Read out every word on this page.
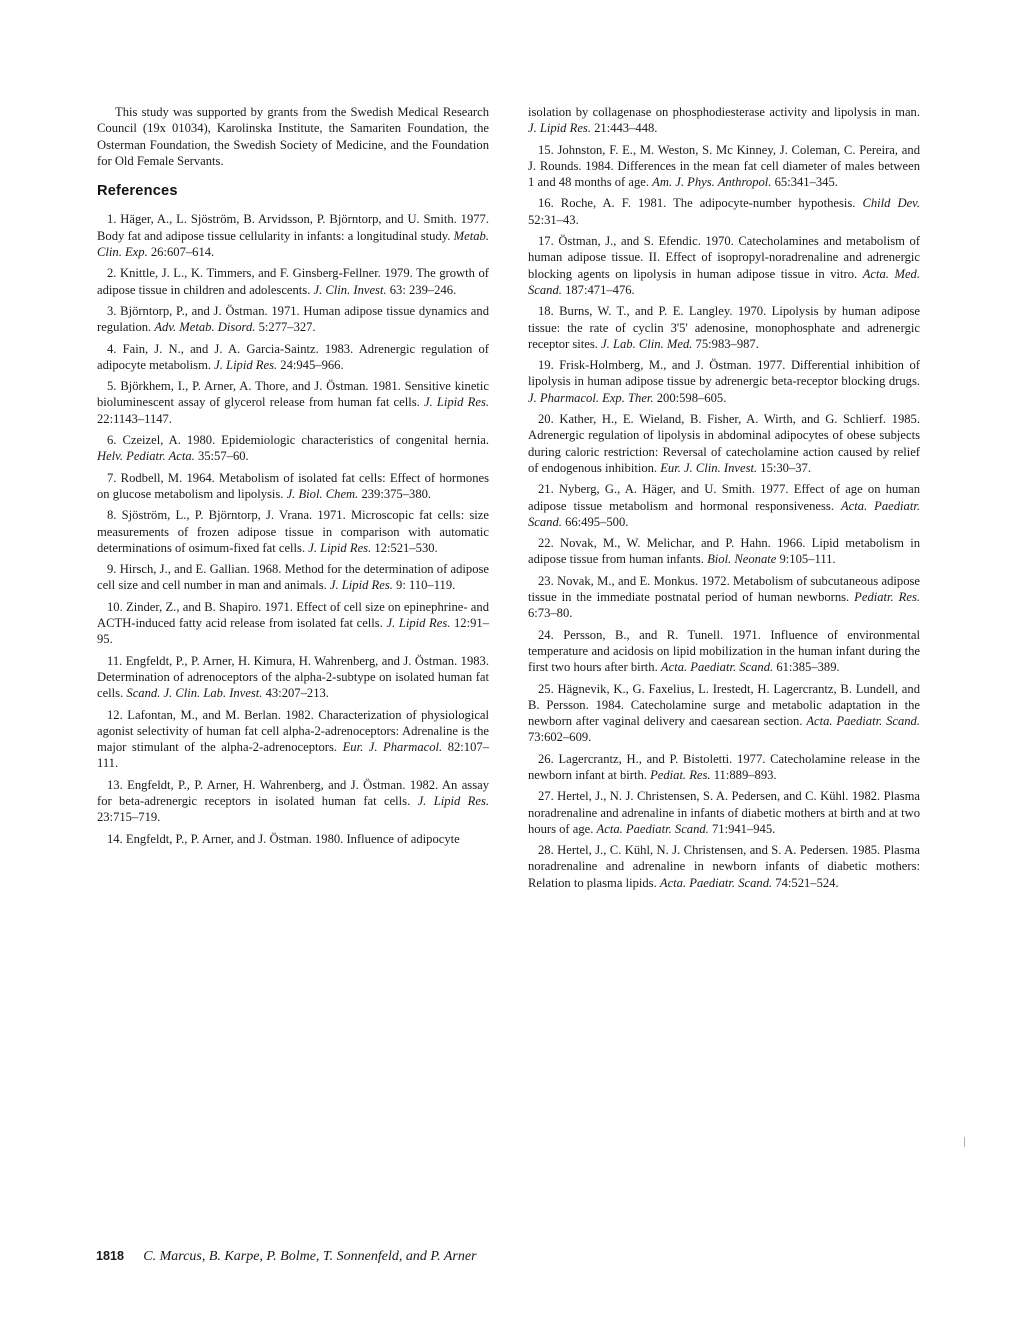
This study was supported by grants from the Swedish Medical Research Council (19x 01034), Karolinska Institute, the Samariten Foundation, the Osterman Foundation, the Swedish Society of Medicine, and the Foundation for Old Female Servants.

References

1. Häger, A., L. Sjöström, B. Arvidsson, P. Björntorp, and U. Smith. 1977. Body fat and adipose tissue cellularity in infants: a longitudinal study. Metab. Clin. Exp. 26:607–614.

2. Knittle, J. L., K. Timmers, and F. Ginsberg-Fellner. 1979. The growth of adipose tissue in children and adolescents. J. Clin. Invest. 63: 239–246.

3. Björntorp, P., and J. Östman. 1971. Human adipose tissue dynamics and regulation. Adv. Metab. Disord. 5:277–327.

4. Fain, J. N., and J. A. Garcia-Saintz. 1983. Adrenergic regulation of adipocyte metabolism. J. Lipid Res. 24:945–966.

5. Björkhem, I., P. Arner, A. Thore, and J. Östman. 1981. Sensitive kinetic bioluminescent assay of glycerol release from human fat cells. J. Lipid Res. 22:1143–1147.

6. Czeizel, A. 1980. Epidemiologic characteristics of congenital hernia. Helv. Pediatr. Acta. 35:57–60.

7. Rodbell, M. 1964. Metabolism of isolated fat cells: Effect of hormones on glucose metabolism and lipolysis. J. Biol. Chem. 239:375–380.

8. Sjöström, L., P. Björntorp, J. Vrana. 1971. Microscopic fat cells: size measurements of frozen adipose tissue in comparison with automatic determinations of osimum-fixed fat cells. J. Lipid Res. 12:521–530.

9. Hirsch, J., and E. Gallian. 1968. Method for the determination of adipose cell size and cell number in man and animals. J. Lipid Res. 9: 110–119.

10. Zinder, Z., and B. Shapiro. 1971. Effect of cell size on epinephrine- and ACTH-induced fatty acid release from isolated fat cells. J. Lipid Res. 12:91–95.

11. Engfeldt, P., P. Arner, H. Kimura, H. Wahrenberg, and J. Östman. 1983. Determination of adrenoceptors of the alpha-2-subtype on isolated human fat cells. Scand. J. Clin. Lab. Invest. 43:207–213.

12. Lafontan, M., and M. Berlan. 1982. Characterization of physiological agonist selectivity of human fat cell alpha-2-adrenoceptors: Adrenaline is the major stimulant of the alpha-2-adrenoceptors. Eur. J. Pharmacol. 82:107–111.

13. Engfeldt, P., P. Arner, H. Wahrenberg, and J. Östman. 1982. An assay for beta-adrenergic receptors in isolated human fat cells. J. Lipid Res. 23:715–719.

14. Engfeldt, P., P. Arner, and J. Östman. 1980. Influence of adipocyte

isolation by collagenase on phosphodiesterase activity and lipolysis in man. J. Lipid Res. 21:443–448.

15. Johnston, F. E., M. Weston, S. Mc Kinney, J. Coleman, C. Pereira, and J. Rounds. 1984. Differences in the mean fat cell diameter of males between 1 and 48 months of age. Am. J. Phys. Anthropol. 65:341–345.

16. Roche, A. F. 1981. The adipocyte-number hypothesis. Child Dev. 52:31–43.

17. Östman, J., and S. Efendic. 1970. Catecholamines and metabolism of human adipose tissue. II. Effect of isopropyl-noradrenaline and adrenergic blocking agents on lipolysis in human adipose tissue in vitro. Acta. Med. Scand. 187:471–476.

18. Burns, W. T., and P. E. Langley. 1970. Lipolysis by human adipose tissue: the rate of cyclin 3'5' adenosine, monophosphate and adrenergic receptor sites. J. Lab. Clin. Med. 75:983–987.

19. Frisk-Holmberg, M., and J. Östman. 1977. Differential inhibition of lipolysis in human adipose tissue by adrenergic beta-receptor blocking drugs. J. Pharmacol. Exp. Ther. 200:598–605.

20. Kather, H., E. Wieland, B. Fisher, A. Wirth, and G. Schlierf. 1985. Adrenergic regulation of lipolysis in abdominal adipocytes of obese subjects during caloric restriction: Reversal of catecholamine action caused by relief of endogenous inhibition. Eur. J. Clin. Invest. 15:30–37.

21. Nyberg, G., A. Häger, and U. Smith. 1977. Effect of age on human adipose tissue metabolism and hormonal responsiveness. Acta. Paediatr. Scand. 66:495–500.

22. Novak, M., W. Melichar, and P. Hahn. 1966. Lipid metabolism in adipose tissue from human infants. Biol. Neonate 9:105–111.

23. Novak, M., and E. Monkus. 1972. Metabolism of subcutaneous adipose tissue in the immediate postnatal period of human newborns. Pediatr. Res. 6:73–80.

24. Persson, B., and R. Tunell. 1971. Influence of environmental temperature and acidosis on lipid mobilization in the human infant during the first two hours after birth. Acta. Paediatr. Scand. 61:385–389.

25. Hägnevik, K., G. Faxelius, L. Irestedt, H. Lagercrantz, B. Lundell, and B. Persson. 1984. Catecholamine surge and metabolic adaptation in the newborn after vaginal delivery and caesarean section. Acta. Paediatr. Scand. 73:602–609.

26. Lagercrantz, H., and P. Bistoletti. 1977. Catecholamine release in the newborn infant at birth. Pediat. Res. 11:889–893.

27. Hertel, J., N. J. Christensen, S. A. Pedersen, and C. Kühl. 1982. Plasma noradrenaline and adrenaline in infants of diabetic mothers at birth and at two hours of age. Acta. Paediatr. Scand. 71:941–945.

28. Hertel, J., C. Kühl, N. J. Christensen, and S. A. Pedersen. 1985. Plasma noradrenaline and adrenaline in newborn infants of diabetic mothers: Relation to plasma lipids. Acta. Paediatr. Scand. 74:521–524.

1818 C. Marcus, B. Karpe, P. Bolme, T. Sonnenfeld, and P. Arner
